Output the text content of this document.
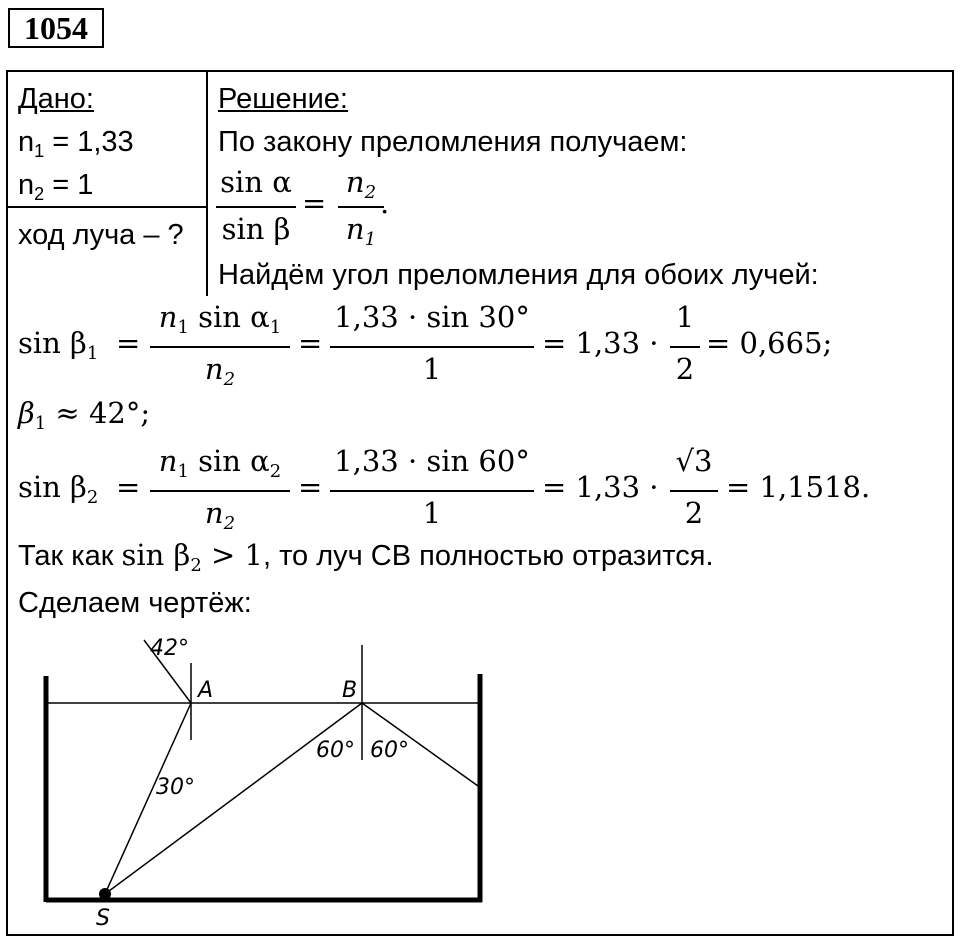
1054
Дано:
$n_1 = 1,33$
$n_2 = 1$
ход луча – ?
Решение:
По закону преломления получаем:
sin α
sin β
=
$n_2$
$n_1$
.
Найдём угол преломления для обоих лучей:
$\sin \beta_1$ =
$n_1$ $\sin \alpha_1$
$n_2$
=
1,33 · sin 30°
1
= 1,33 ·
1
2
= 0,665;
$\beta_1 \approx 42^\circ$;
$\sin \beta_2$ =
$n_1$ $\sin \alpha_2$
$n_2$
=
1,33 · sin 60°
1
= 1,33 ·
√3
2
= 1,1518.
Так как $\sin \beta_2 > 1$, то луч CB полностью отразится.
Сделаем чертёж:
42°
A	B
30°
60° 60°
S
